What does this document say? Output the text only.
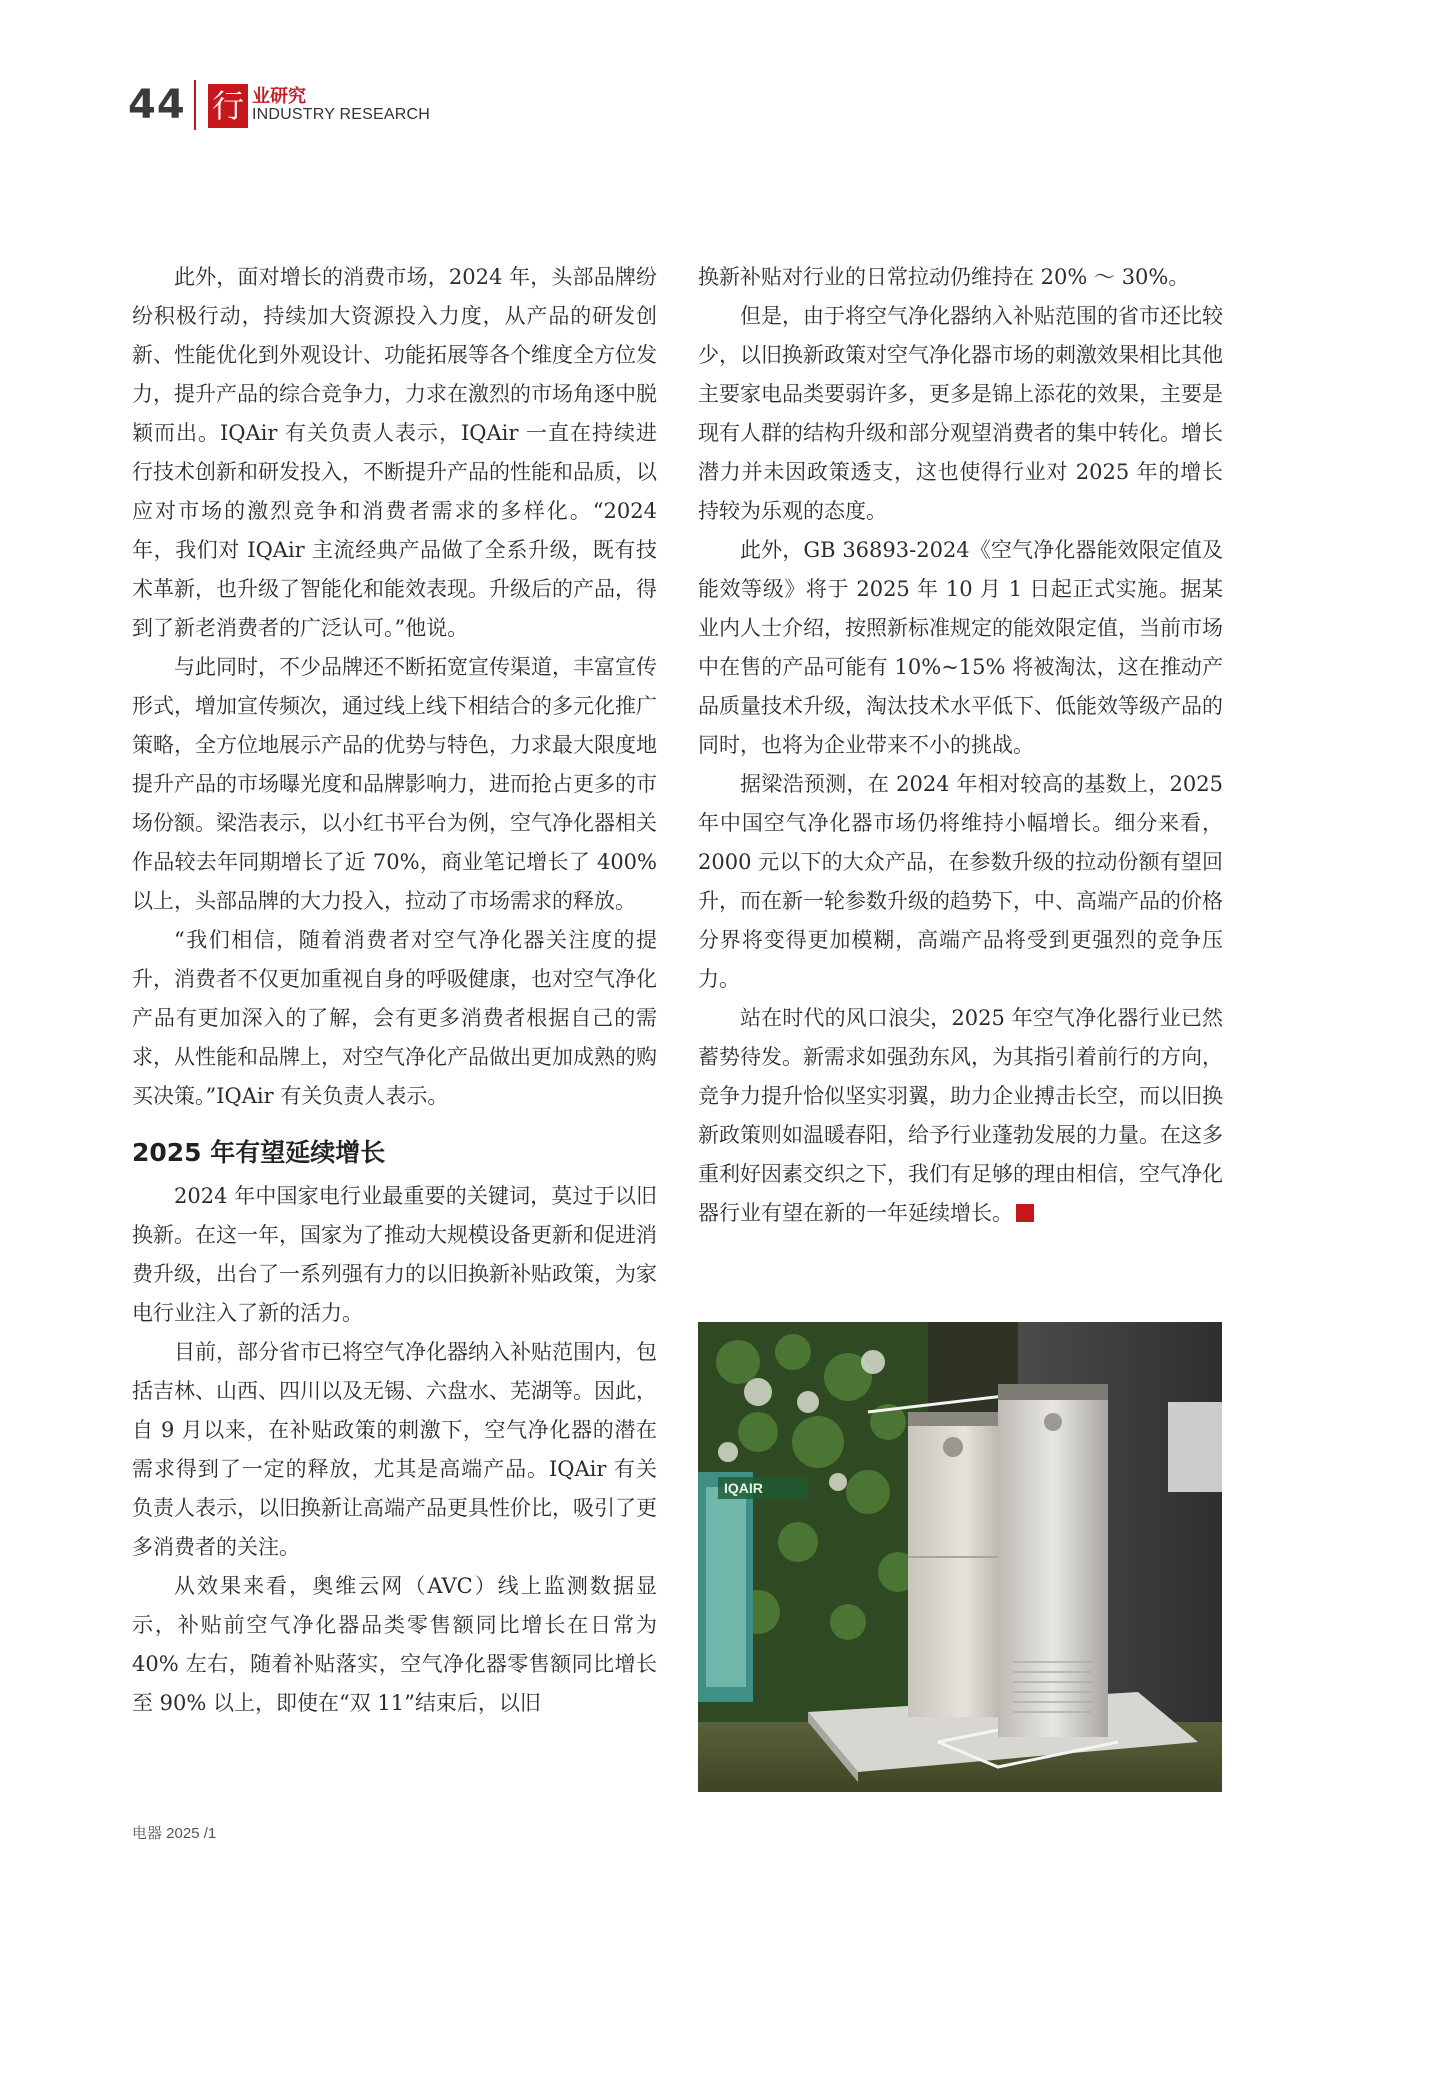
44 行 业研究
INDUSTRY RESEARCH

此外，面对增长的消费市场，2024 年，头部品牌纷纷积极行动，持续加大资源投入力度，从产品的研发创新、性能优化到外观设计、功能拓展等各个维度全方位发力，提升产品的综合竞争力，力求在激烈的市场角逐中脱颖而出。IQAir 有关负责人表示，IQAir 一直在持续进行技术创新和研发投入，不断提升产品的性能和品质，以应对市场的激烈竞争和消费者需求的多样化。“2024 年，我们对 IQAir 主流经典产品做了全系升级，既有技术革新，也升级了智能化和能效表现。升级后的产品，得到了新老消费者的广泛认可。”他说。

与此同时，不少品牌还不断拓宽宣传渠道，丰富宣传形式，增加宣传频次，通过线上线下相结合的多元化推广策略，全方位地展示产品的优势与特色，力求最大限度地提升产品的市场曝光度和品牌影响力，进而抢占更多的市场份额。梁浩表示，以小红书平台为例，空气净化器相关作品较去年同期增长了近 70%，商业笔记增长了 400% 以上，头部品牌的大力投入，拉动了市场需求的释放。

“我们相信，随着消费者对空气净化器关注度的提升，消费者不仅更加重视自身的呼吸健康，也对空气净化产品有更加深入的了解，会有更多消费者根据自己的需求，从性能和品牌上，对空气净化产品做出更加成熟的购买决策。”IQAir 有关负责人表示。

2025 年有望延续增长

2024 年中国家电行业最重要的关键词，莫过于以旧换新。在这一年，国家为了推动大规模设备更新和促进消费升级，出台了一系列强有力的以旧换新补贴政策，为家电行业注入了新的活力。

目前，部分省市已将空气净化器纳入补贴范围内，包括吉林、山西、四川以及无锡、六盘水、芜湖等。因此，自 9 月以来，在补贴政策的刺激下，空气净化器的潜在需求得到了一定的释放，尤其是高端产品。IQAir 有关负责人表示，以旧换新让高端产品更具性价比，吸引了更多消费者的关注。

从效果来看，奥维云网（AVC）线上监测数据显示，补贴前空气净化器品类零售额同比增长在日常为 40% 左右，随着补贴落实，空气净化器零售额同比增长至 90% 以上，即使在“双 11”结束后，以旧

换新补贴对行业的日常拉动仍维持在 20% ～ 30%。

但是，由于将空气净化器纳入补贴范围的省市还比较少，以旧换新政策对空气净化器市场的刺激效果相比其他主要家电品类要弱许多，更多是锦上添花的效果，主要是现有人群的结构升级和部分观望消费者的集中转化。增长潜力并未因政策透支，这也使得行业对 2025 年的增长持较为乐观的态度。

此外，GB 36893-2024《空气净化器能效限定值及能效等级》将于 2025 年 10 月 1 日起正式实施。据某业内人士介绍，按照新标准规定的能效限定值，当前市场中在售的产品可能有 10%~15% 将被淘汰，这在推动产品质量技术升级，淘汰技术水平低下、低能效等级产品的同时，也将为企业带来不小的挑战。

据梁浩预测，在 2024 年相对较高的基数上，2025 年中国空气净化器市场仍将维持小幅增长。细分来看，2000 元以下的大众产品，在参数升级的拉动份额有望回升，而在新一轮参数升级的趋势下，中、高端产品的价格分界将变得更加模糊，高端产品将受到更强烈的竞争压力。

站在时代的风口浪尖，2025 年空气净化器行业已然蓄势待发。新需求如强劲东风，为其指引着前行的方向，竞争力提升恰似坚实羽翼，助力企业搏击长空，而以旧换新政策则如温暖春阳，给予行业蓬勃发展的力量。在这多重利好因素交织之下，我们有足够的理由相信，空气净化器行业有望在新的一年延续增长。

IQAIR
电器 2025 /1
